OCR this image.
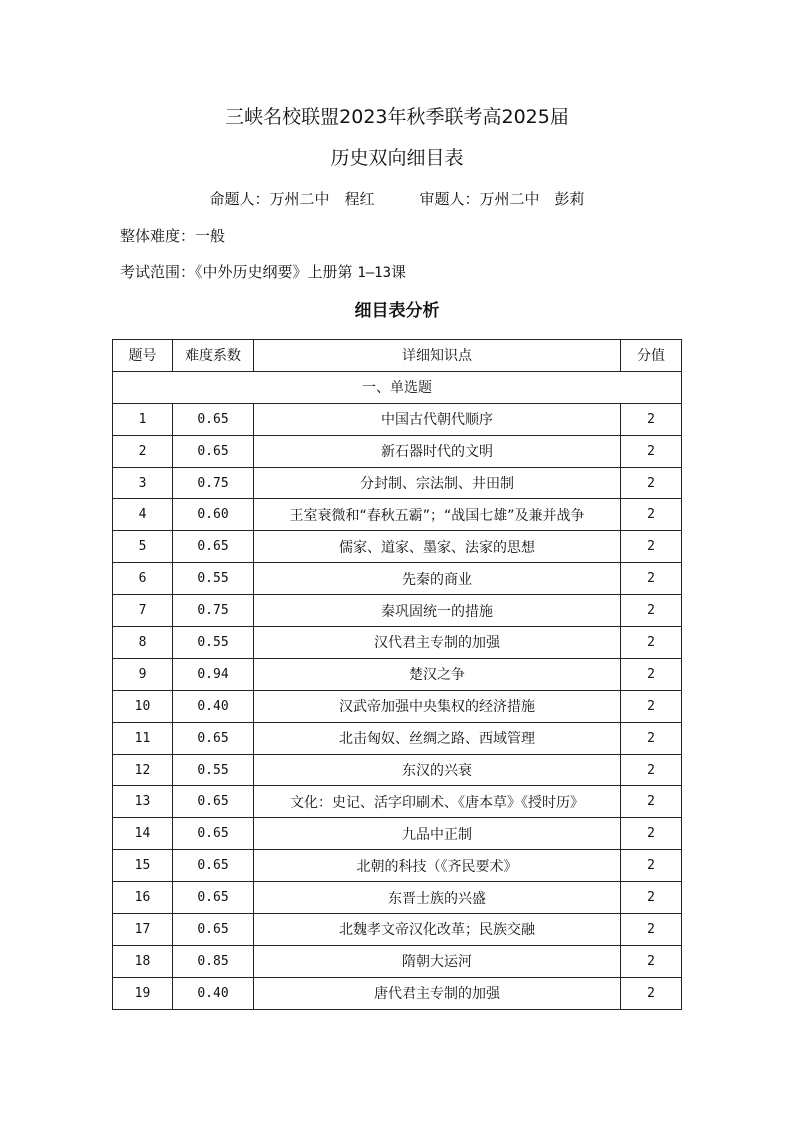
三峡名校联盟2023年秋季联考高2025届
历史双向细目表
命题人：万州二中　程红　　　	审题人：万州二中　彭莉
整体难度：一般
考试范围：《中外历史纲要》上册第 1—13课
细目表分析
题号	难度系数	详细知识点	分值
一、单选题			
1	0.65	中国古代朝代顺序	2
2	0.65	新石器时代的文明	2
3	0.75	分封制、宗法制、井田制	2
4	0.60	王室衰微和“春秋五霸”；“战国七雄”及兼并战争	2
5	0.65	儒家、道家、墨家、法家的思想	2
6	0.55	先秦的商业	2
7	0.75	秦巩固统一的措施	2
8	0.55	汉代君主专制的加强	2
9	0.94	楚汉之争	2
10	0.40	汉武帝加强中央集权的经济措施	2
11	0.65	北击匈奴、丝绸之路、西域管理	2
12	0.55	东汉的兴衰	2
13	0.65	文化：史记、活字印刷术、《唐本草》《授时历》	2
14	0.65	九品中正制	2
15	0.65	北朝的科技（《齐民要术》	2
16	0.65	东晋士族的兴盛	2
17	0.65	北魏孝文帝汉化改革；民族交融	2
18	0.85	隋朝大运河	2
19	0.40	唐代君主专制的加强	2
